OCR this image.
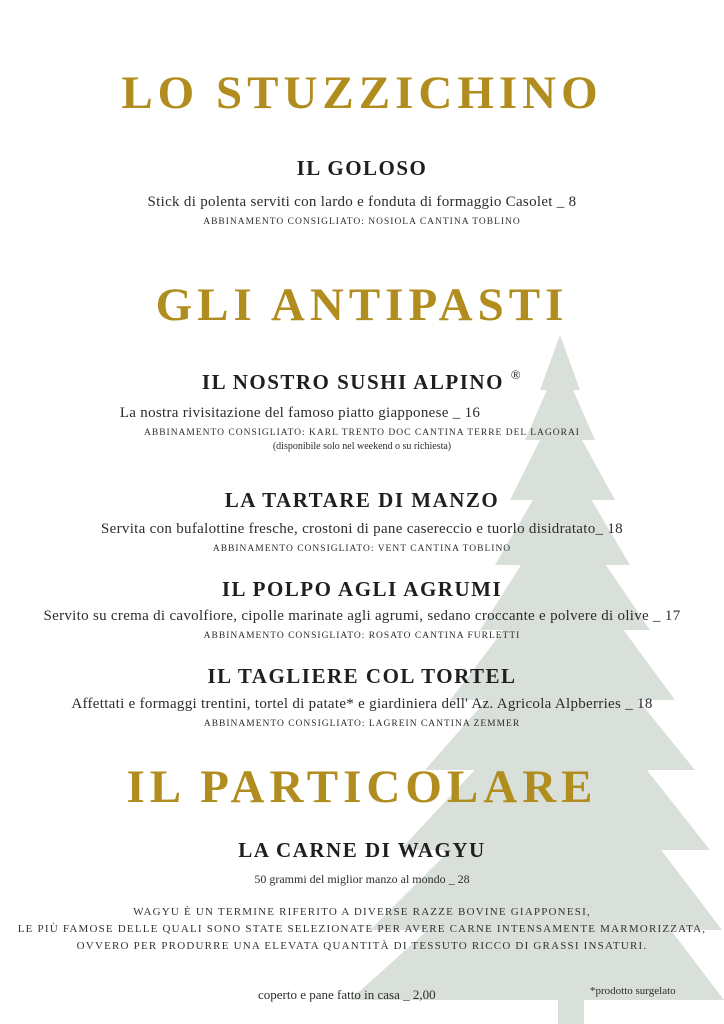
LO STUZZICHINO
IL GOLOSO
Stick di polenta serviti con lardo e fonduta di formaggio Casolet _ 8
ABBINAMENTO CONSIGLIATO: NOSIOLA CANTINA TOBLINO
GLI ANTIPASTI
IL NOSTRO SUSHI ALPINO ®
La nostra rivisitazione del famoso piatto giapponese _ 16
ABBINAMENTO CONSIGLIATO: KARL TRENTO DOC CANTINA TERRE DEL LAGORAI
(disponibile solo nel weekend o su richiesta)
LA TARTARE DI MANZO
Servita con bufalottine fresche, crostoni di pane casereccio e tuorlo disidratato_ 18
ABBINAMENTO CONSIGLIATO: VENT CANTINA TOBLINO
IL POLPO AGLI AGRUMI
Servito su crema di cavolfiore, cipolle marinate agli agrumi, sedano croccante e polvere di olive _ 17
ABBINAMENTO CONSIGLIATO: ROSATO CANTINA FURLETTI
IL TAGLIERE COL TORTEL
Affettati e formaggi trentini, tortel di patate* e giardiniera dell' Az. Agricola Alpberries _ 18
ABBINAMENTO CONSIGLIATO: LAGREIN CANTINA ZEMMER
IL PARTICOLARE
LA CARNE DI WAGYU
50 grammi del miglior manzo al mondo _ 28
WAGYU È UN TERMINE RIFERITO A DIVERSE RAZZE BOVINE GIAPPONESI,
LE PIÙ FAMOSE DELLE QUALI SONO STATE SELEZIONATE PER AVERE CARNE INTENSAMENTE MARMORIZZATA,
OVVERO PER PRODURRE UNA ELEVATA QUANTITÀ DI TESSUTO RICCO DI GRASSI INSATURI.
coperto e pane fatto in casa _ 2,00	*prodotto surgelato
